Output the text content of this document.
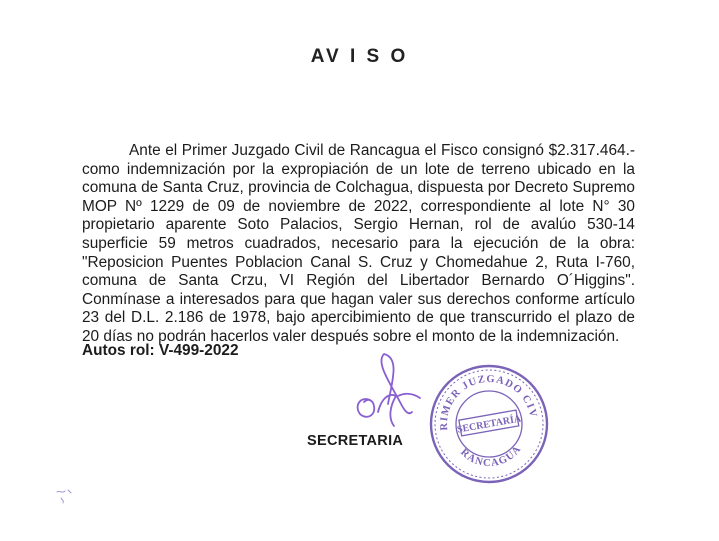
AV I S O
Ante el Primer Juzgado Civil de Rancagua el Fisco consignó $2.317.464.- como indemnización por la expropiación de un lote de terreno ubicado en la comuna de Santa Cruz, provincia de Colchagua, dispuesta por Decreto Supremo MOP Nº 1229 de 09 de noviembre de 2022, correspondiente al lote N° 30 propietario aparente Soto Palacios, Sergio Hernan, rol de avalúo 530-14 superficie 59 metros cuadrados, necesario para la ejecución de la obra: "Reposicion Puentes Poblacion Canal S. Cruz y Chomedahue 2, Ruta I-760, comuna de Santa Crzu, VI Región del Libertador Bernardo O´Higgins". Conmínase a interesados para que hagan valer sus derechos conforme artículo 23 del D.L. 2.186 de 1978, bajo apercibimiento de que transcurrido el plazo de 20 días no podrán hacerlos valer después sobre el monto de la indemnización.
Autos rol: V-499-2022
SECRETARIA
PRIMER JUZGADO CIVIL
RANCAGUA
SECRETARÍA
